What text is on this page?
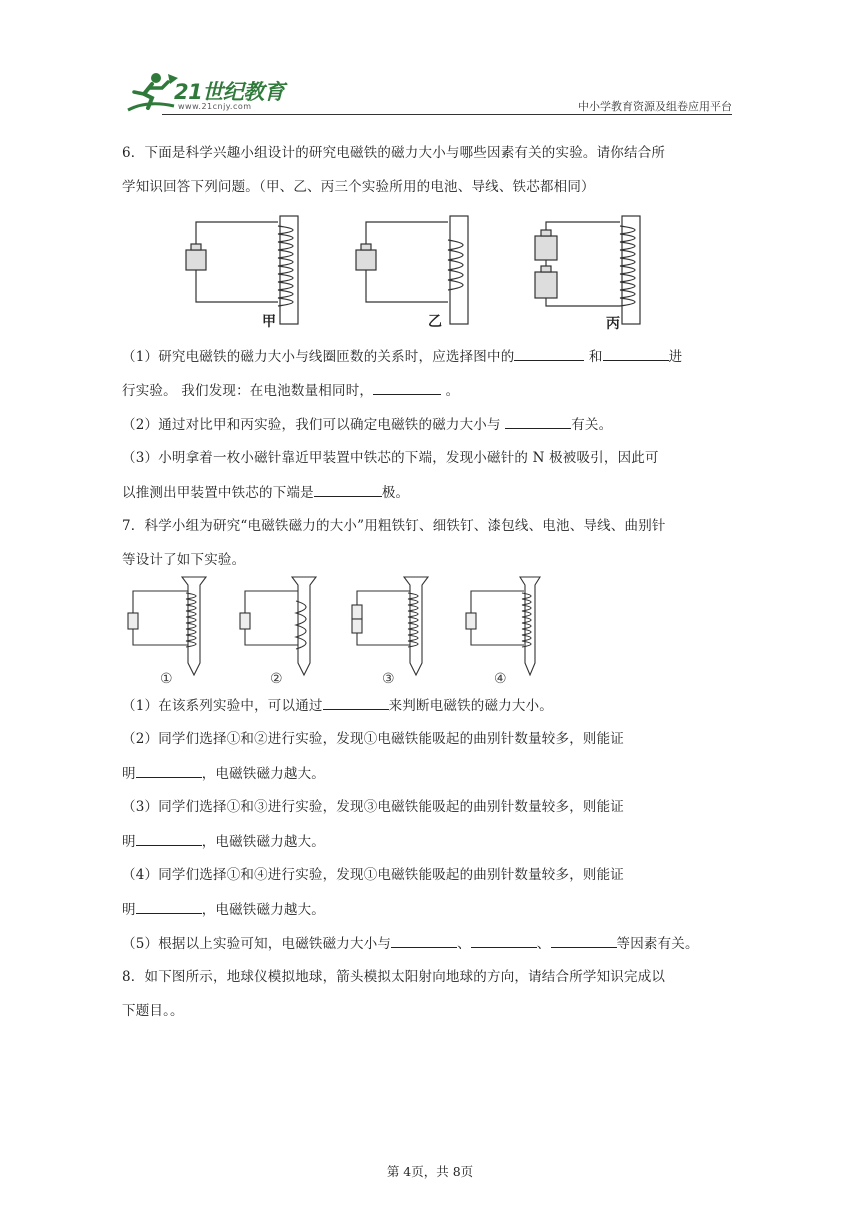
21世纪教育
www.21cnjy.com	中小学教育资源及组卷应用平台
6．下面是科学兴趣小组设计的研究电磁铁的磁力大小与哪些因素有关的实验。请你结合所
学知识回答下列问题。（甲、乙、丙三个实验所用的电池、导线、铁芯都相同）
甲	乙	丙
（1）研究电磁铁的磁力大小与线圈匝数的关系时，应选择图中的	和	进
行实验。 我们发现：在电池数量相同时，	。
（2）通过对比甲和丙实验，我们可以确定电磁铁的磁力大小与	有关。
（3）小明拿着一枚小磁针靠近甲装置中铁芯的下端，发现小磁针的 N 极被吸引，因此可
以推测出甲装置中铁芯的下端是	极。
7．科学小组为研究“电磁铁磁力的大小”用粗铁钉、细铁钉、漆包线、电池、导线、曲别针
等设计了如下实验。
①	②	③	④
（1）在该系列实验中，可以通过	来判断电磁铁的磁力大小。
（2）同学们选择①和②进行实验，发现①电磁铁能吸起的曲别针数量较多，则能证
明	，电磁铁磁力越大。
（3）同学们选择①和③进行实验，发现③电磁铁能吸起的曲别针数量较多，则能证
明	，电磁铁磁力越大。
（4）同学们选择①和④进行实验，发现①电磁铁能吸起的曲别针数量较多，则能证
明	，电磁铁磁力越大。
（5）根据以上实验可知，电磁铁磁力大小与	、	、	等因素有关。
8．如下图所示，地球仪模拟地球，箭头模拟太阳射向地球的方向，请结合所学知识完成以
下题目。。
第 4页，共 8页
